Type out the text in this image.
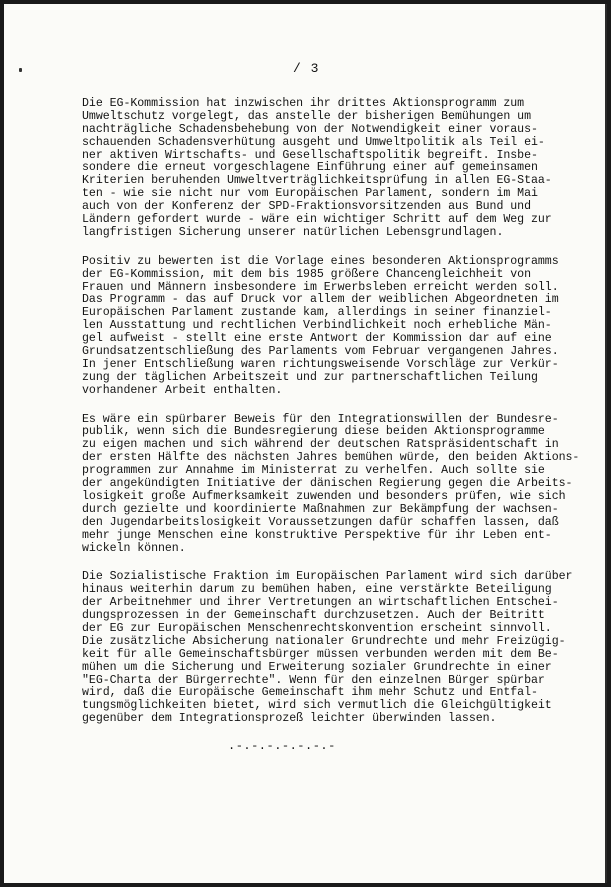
/ 3
Die EG-Kommission hat inzwischen ihr drittes Aktionsprogramm zum
Umweltschutz vorgelegt, das anstelle der bisherigen Bemühungen um
nachträgliche Schadensbehebung von der Notwendigkeit einer voraus-
schauenden Schadensverhütung ausgeht und Umweltpolitik als Teil ei-
ner aktiven Wirtschafts- und Gesellschaftspolitik begreift. Insbe-
sondere die erneut vorgeschlagene Einführung einer auf gemeinsamen
Kriterien beruhenden Umweltverträglichkeitsprüfung in allen EG-Staa-
ten - wie sie nicht nur vom Europäischen Parlament, sondern im Mai
auch von der Konferenz der SPD-Fraktionsvorsitzenden aus Bund und
Ländern gefordert wurde - wäre ein wichtiger Schritt auf dem Weg zur
langfristigen Sicherung unserer natürlichen Lebensgrundlagen.
Positiv zu bewerten ist die Vorlage eines besonderen Aktionsprogramms
der EG-Kommission, mit dem bis 1985 größere Chancengleichheit von
Frauen und Männern insbesondere im Erwerbsleben erreicht werden soll.
Das Programm - das auf Druck vor allem der weiblichen Abgeordneten im
Europäischen Parlament zustande kam, allerdings in seiner finanziel-
len Ausstattung und rechtlichen Verbindlichkeit noch erhebliche Män-
gel aufweist - stellt eine erste Antwort der Kommission dar auf eine
Grundsatzentschließung des Parlaments vom Februar vergangenen Jahres.
In jener Entschließung waren richtungsweisende Vorschläge zur Verkür-
zung der täglichen Arbeitszeit und zur partnerschaftlichen Teilung
vorhandener Arbeit enthalten.
Es wäre ein spürbarer Beweis für den Integrationswillen der Bundesre-
publik, wenn sich die Bundesregierung diese beiden Aktionsprogramme
zu eigen machen und sich während der deutschen Ratspräsidentschaft in
der ersten Hälfte des nächsten Jahres bemühen würde, den beiden Aktions-
programmen zur Annahme im Ministerrat zu verhelfen. Auch sollte sie
der angekündigten Initiative der dänischen Regierung gegen die Arbeits-
losigkeit große Aufmerksamkeit zuwenden und besonders prüfen, wie sich
durch gezielte und koordinierte Maßnahmen zur Bekämpfung der wachsen-
den Jugendarbeitslosigkeit Voraussetzungen dafür schaffen lassen, daß
mehr junge Menschen eine konstruktive Perspektive für ihr Leben ent-
wickeln können.
Die Sozialistische Fraktion im Europäischen Parlament wird sich darüber
hinaus weiterhin darum zu bemühen haben, eine verstärkte Beteiligung
der Arbeitnehmer und ihrer Vertretungen an wirtschaftlichen Entschei-
dungsprozessen in der Gemeinschaft durchzusetzen. Auch der Beitritt
der EG zur Europäischen Menschenrechtskonvention erscheint sinnvoll.
Die zusätzliche Absicherung nationaler Grundrechte und mehr Freizügig-
keit für alle Gemeinschaftsbürger müssen verbunden werden mit dem Be-
mühen um die Sicherung und Erweiterung sozialer Grundrechte in einer
"EG-Charta der Bürgerrechte". Wenn für den einzelnen Bürger spürbar
wird, daß die Europäische Gemeinschaft ihm mehr Schutz und Entfal-
tungsmöglichkeiten bietet, wird sich vermutlich die Gleichgültigkeit
gegenüber dem Integrationsprozeß leichter überwinden lassen.
.-.-.-.-.-.-.-
